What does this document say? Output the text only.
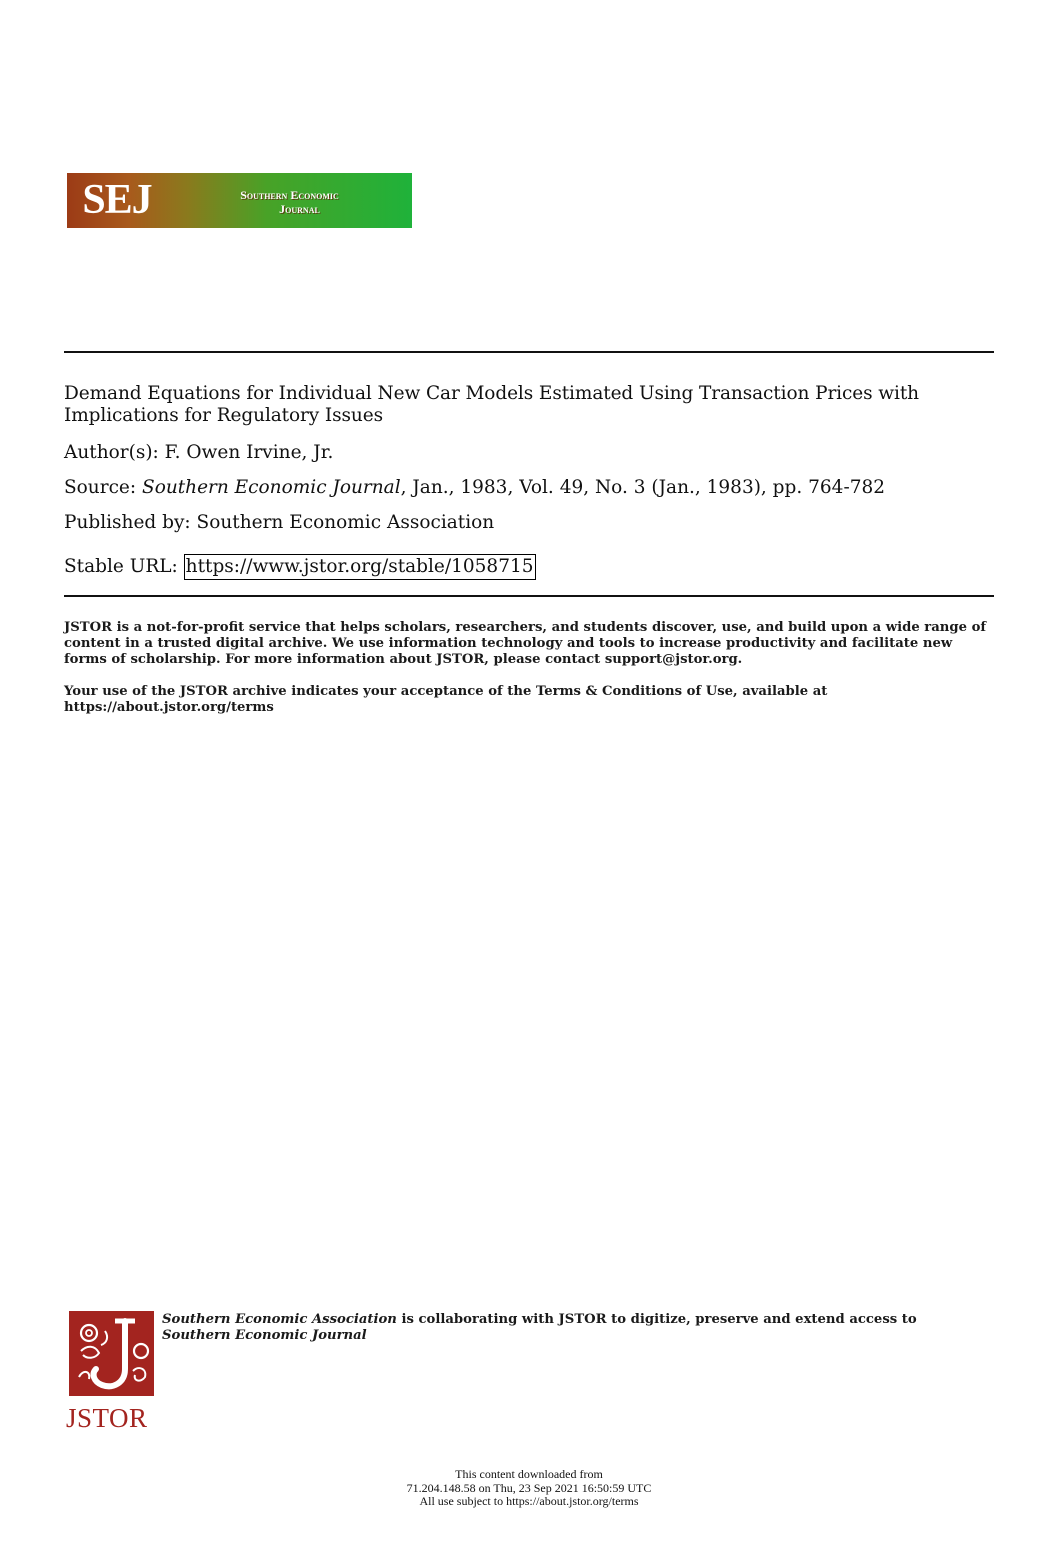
SEJ	Southern Economic
Journal
Demand Equations for Individual New Car Models Estimated Using Transaction Prices with Implications for Regulatory Issues
Author(s): F. Owen Irvine, Jr.
Source: Southern Economic Journal, Jan., 1983, Vol. 49, No. 3 (Jan., 1983), pp. 764-782
Published by: Southern Economic Association
Stable URL: https://www.jstor.org/stable/1058715
JSTOR is a not-for-profit service that helps scholars, researchers, and students discover, use, and build upon a wide range of content in a trusted digital archive. We use information technology and tools to increase productivity and facilitate new forms of scholarship. For more information about JSTOR, please contact support@jstor.org.
Your use of the JSTOR archive indicates your acceptance of the Terms & Conditions of Use, available at https://about.jstor.org/terms
JSTOR
Southern Economic Association is collaborating with JSTOR to digitize, preserve and extend access to Southern Economic Journal
This content downloaded from
71.204.148.58 on Thu, 23 Sep 2021 16:50:59 UTC
All use subject to https://about.jstor.org/terms
